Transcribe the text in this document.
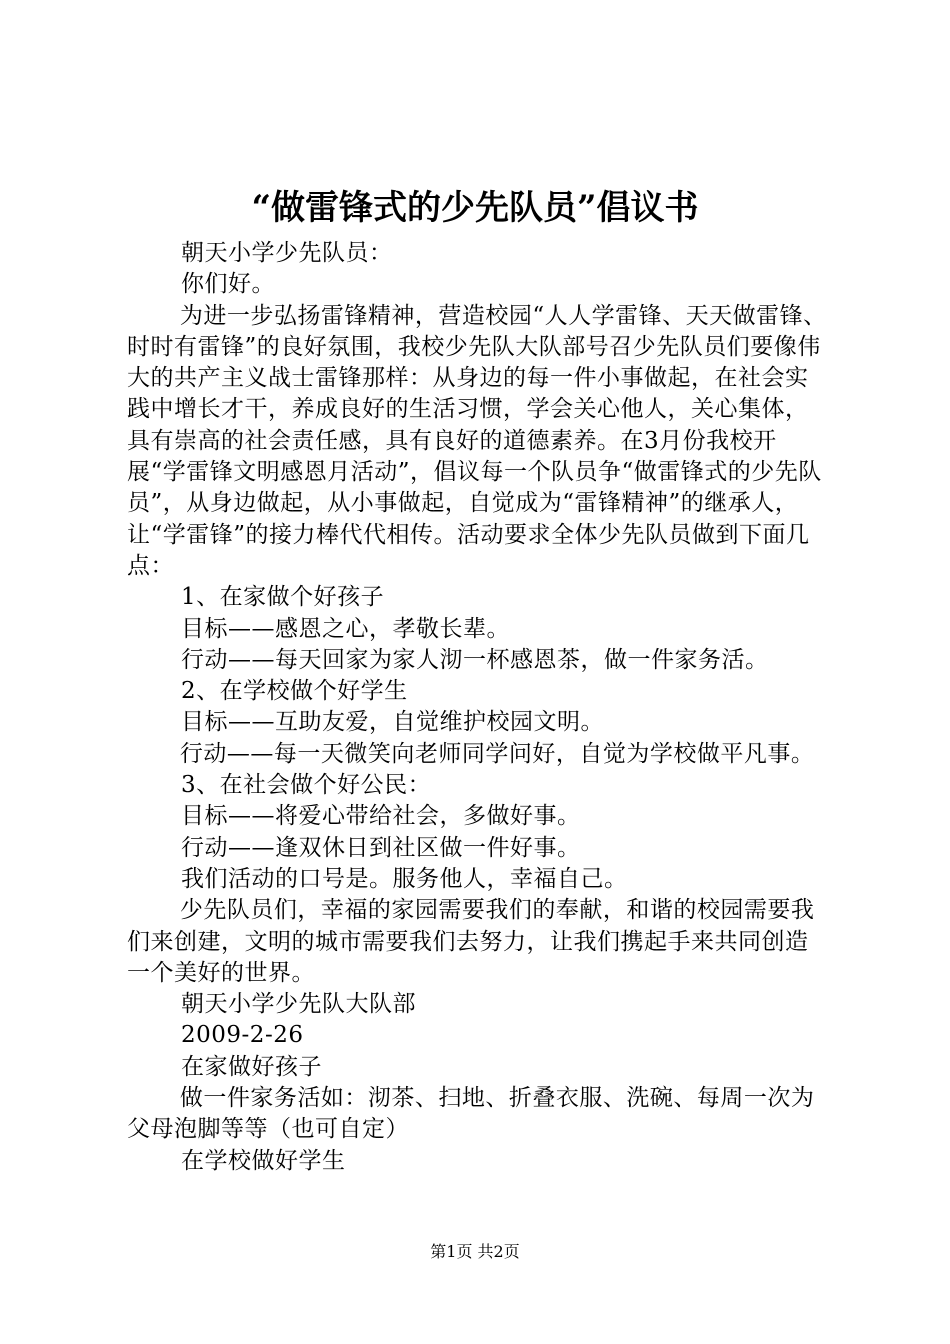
“做雷锋式的少先队员”倡议书

朝天小学少先队员：

你们好。

为进一步弘扬雷锋精神，营造校园“人人学雷锋、天天做雷锋、时时有雷锋”的良好氛围，我校少先队大队部号召少先队员们要像伟大的共产主义战士雷锋那样：从身边的每一件小事做起，在社会实践中增长才干，养成良好的生活习惯，学会关心他人，关心集体，具有崇高的社会责任感，具有良好的道德素养。在3月份我校开展“学雷锋文明感恩月活动”，倡议每一个队员争“做雷锋式的少先队员”，从身边做起，从小事做起，自觉成为“雷锋精神”的继承人，让“学雷锋”的接力棒代代相传。活动要求全体少先队员做到下面几点：

1、在家做个好孩子

目标——感恩之心，孝敬长辈。

行动——每天回家为家人沏一杯感恩茶，做一件家务活。

2、在学校做个好学生

目标——互助友爱，自觉维护校园文明。

行动——每一天微笑向老师同学问好，自觉为学校做平凡事。

3、在社会做个好公民：

目标——将爱心带给社会，多做好事。

行动——逢双休日到社区做一件好事。

我们活动的口号是。服务他人，幸福自己。

少先队员们，幸福的家园需要我们的奉献，和谐的校园需要我们来创建，文明的城市需要我们去努力，让我们携起手来共同创造一个美好的世界。

朝天小学少先队大队部

2009-2-26

在家做好孩子

做一件家务活如：沏茶、扫地、折叠衣服、洗碗、每周一次为父母泡脚等等（也可自定）

在学校做好学生

第1页 共2页
